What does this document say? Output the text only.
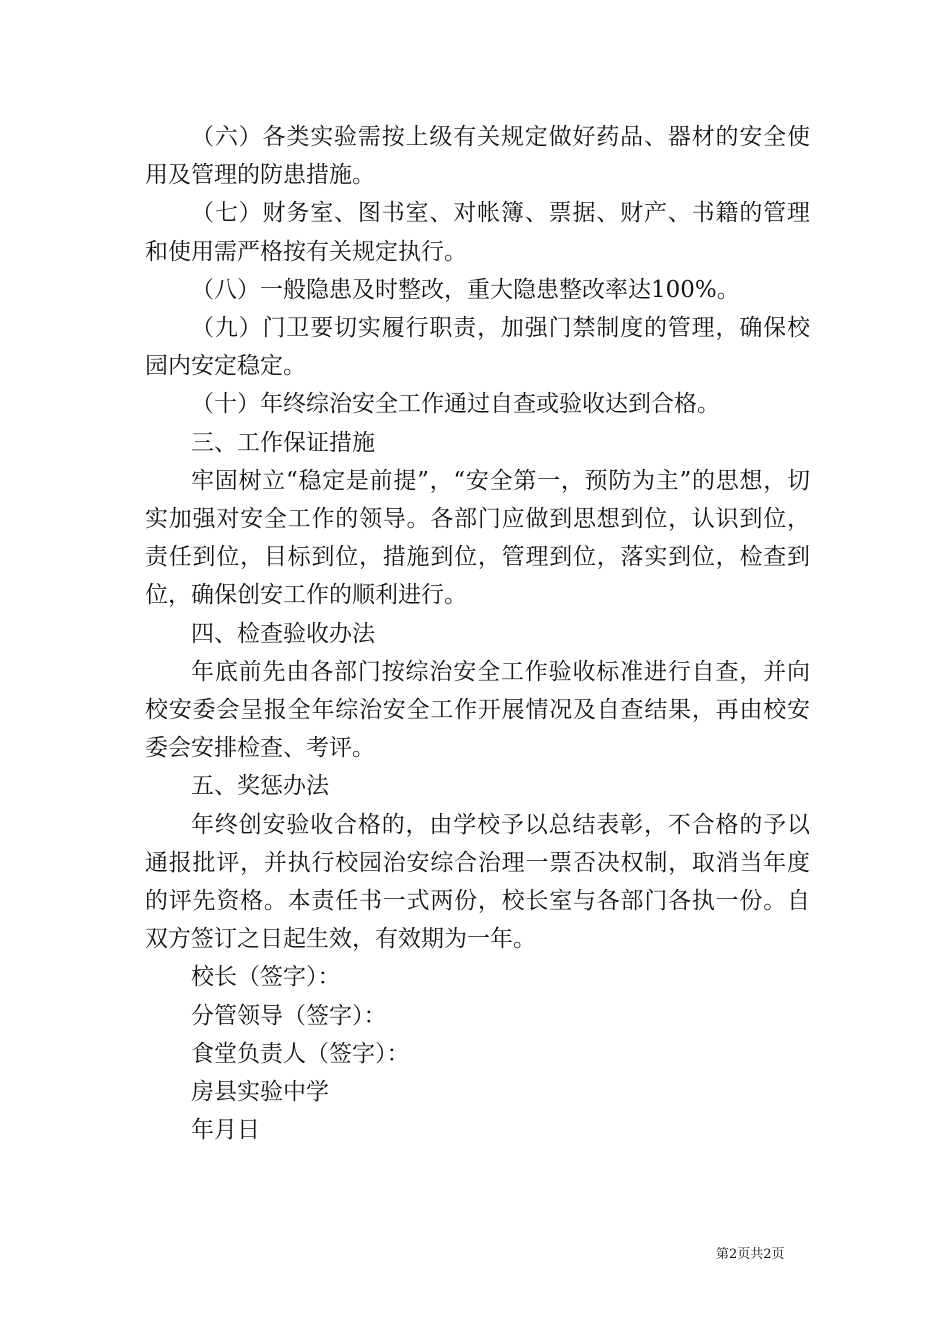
（六）各类实验需按上级有关规定做好药品、器材的安全使用及管理的防患措施。

（七）财务室、图书室、对帐簿、票据、财产、书籍的管理和使用需严格按有关规定执行。

（八）一般隐患及时整改，重大隐患整改率达100%。

（九）门卫要切实履行职责，加强门禁制度的管理，确保校园内安定稳定。

（十）年终综治安全工作通过自查或验收达到合格。

三、工作保证措施

牢固树立“稳定是前提”，“安全第一，预防为主”的思想，切实加强对安全工作的领导。各部门应做到思想到位，认识到位，责任到位，目标到位，措施到位，管理到位，落实到位，检查到位，确保创安工作的顺利进行。

四、检查验收办法

年底前先由各部门按综治安全工作验收标准进行自查，并向校安委会呈报全年综治安全工作开展情况及自查结果，再由校安委会安排检查、考评。

五、奖惩办法

年终创安验收合格的，由学校予以总结表彰，不合格的予以通报批评，并执行校园治安综合治理一票否决权制，取消当年度的评先资格。本责任书一式两份，校长室与各部门各执一份。自双方签订之日起生效，有效期为一年。

校长（签字）：

分管领导（签字）：

食堂负责人（签字）：

房县实验中学

年月日

第2页共2页
